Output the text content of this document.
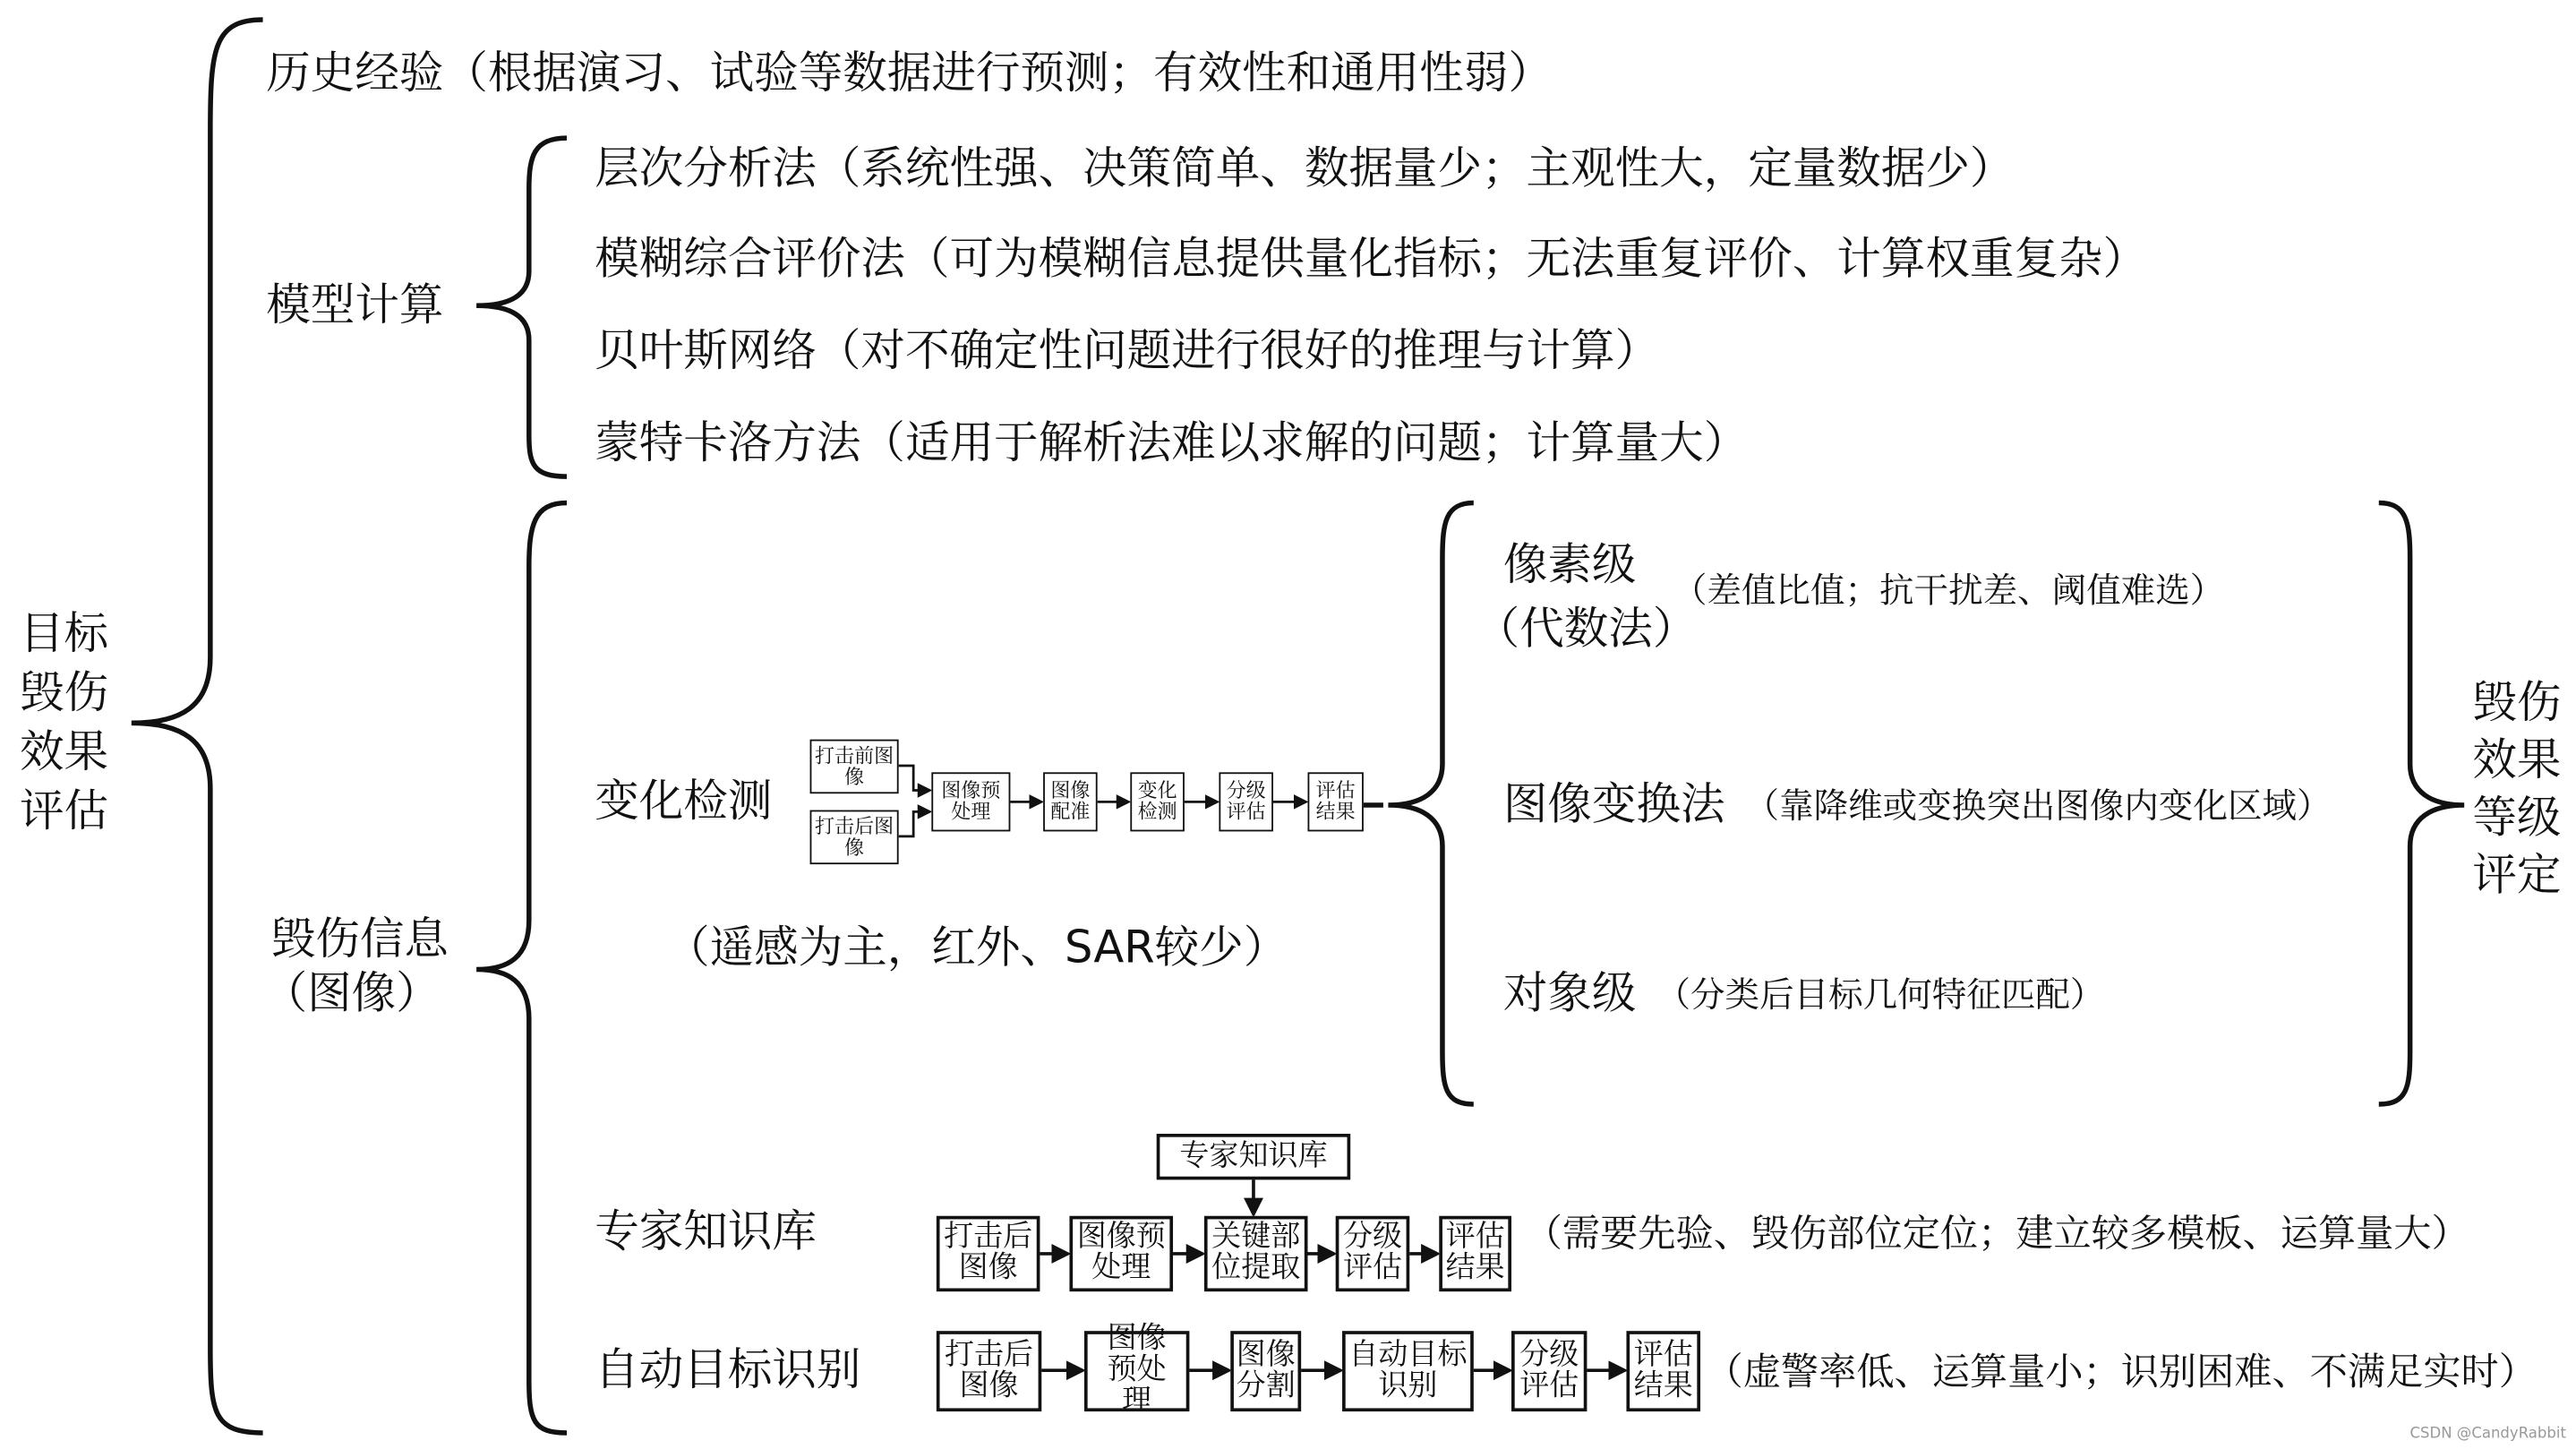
目标
毁伤
效果
评估
历史经验（根据演习、试验等数据进行预测；有效性和通用性弱）
模型计算
层次分析法（系统性强、决策简单、数据量少；主观性大，定量数据少）
模糊综合评价法（可为模糊信息提供量化指标；无法重复评价、计算权重复杂）
贝叶斯网络（对不确定性问题进行很好的推理与计算）
蒙特卡洛方法（适用于解析法难以求解的问题；计算量大）
毁伤信息
（图像）
变化检测
（遥感为主，红外、SAR较少）
打击前图像
打击后图像
图像预处理
图像配准
变化检测
分级评估
评估结果
像素级
（代数法）
（差值比值；抗干扰差、阈值难选）
图像变换法 （靠降维或变换突出图像内变化区域）
对象级 （分类后目标几何特征匹配）
毁伤
效果
等级
评定
专家知识库
专家知识库
打击后图像
图像预处理
关键部位提取
分级评估
评估结果
（需要先验、毁伤部位定位；建立较多模板、运算量大）
自动目标识别	打击后图像
图像预处理
图像分割
自动目标识别
分级评估
评估结果 （虚警率低、运算量小；识别困难、不满足实时）
CSDN @CandyRabbit
